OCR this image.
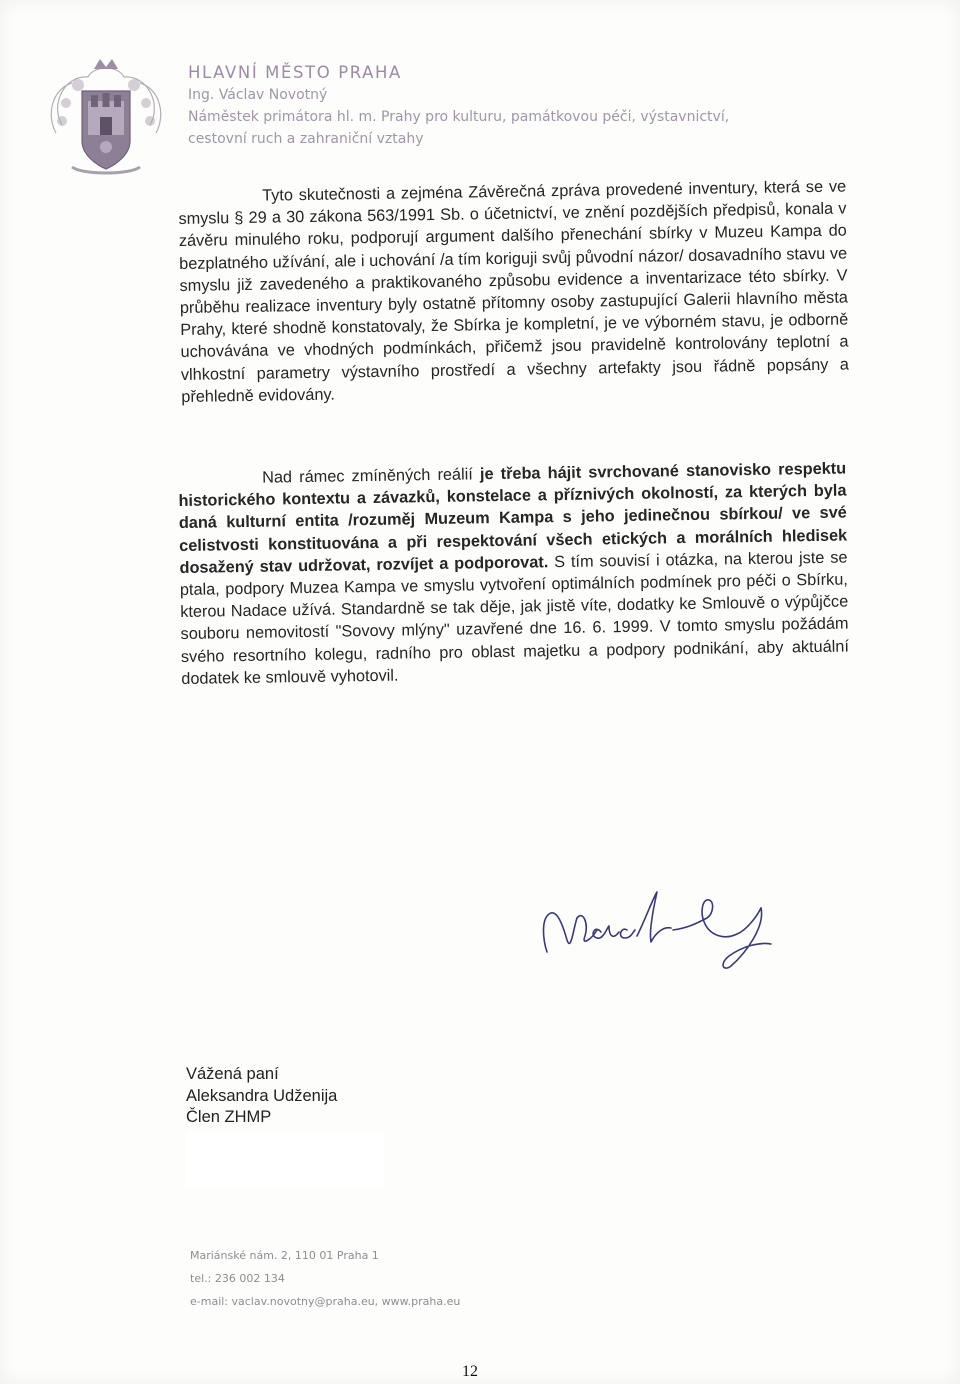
HLAVNÍ MĚSTO PRAHA
Ing. Václav Novotný
Náměstek primátora hl. m. Prahy pro kulturu, památkovou péči, výstavnictví,
cestovní ruch a zahraniční vztahy
Tyto skutečnosti a zejména Závěrečná zpráva provedené inventury, která se ve smyslu § 29 a 30 zákona 563/1991 Sb. o účetnictví, ve znění pozdějších předpisů, konala v závěru minulého roku, podporují argument dalšího přenechání sbírky v Muzeu Kampa do bezplatného užívání, ale i uchování /a tím koriguji svůj původní názor/ dosavadního stavu ve smyslu již zavedeného a praktikovaného způsobu evidence a inventarizace této sbírky. V průběhu realizace inventury byly ostatně přítomny osoby zastupující Galerii hlavního města Prahy, které shodně konstatovaly, že Sbírka je kompletní, je ve výborném stavu, je odborně uchovávána ve vhodných podmínkách, přičemž jsou pravidelně kontrolovány teplotní a vlhkostní parametry výstavního prostředí a všechny artefakty jsou řádně popsány a přehledně evidovány.
Nad rámec zmíněných reálií je třeba hájit svrchované stanovisko respektu historického kontextu a závazků, konstelace a příznivých okolností, za kterých byla daná kulturní entita /rozuměj Muzeum Kampa s jeho jedinečnou sbírkou/ ve své celistvosti konstituována a při respektování všech etických a morálních hledisek dosažený stav udržovat, rozvíjet a podporovat. S tím souvisí i otázka, na kterou jste se ptala, podpory Muzea Kampa ve smyslu vytvoření optimálních podmínek pro péči o Sbírku, kterou Nadace užívá. Standardně se tak děje, jak jistě víte, dodatky ke Smlouvě o výpůjčce souboru nemovitostí "Sovovy mlýny" uzavřené dne 16. 6. 1999. V tomto smyslu požádám svého resortního kolegu, radního pro oblast majetku a podpory podnikání, aby aktuální dodatek ke smlouvě vyhotovil.
Vážená paní
Aleksandra Udženija
Člen ZHMP
Mariánské nám. 2, 110 01 Praha 1
tel.: 236 002 134
e-mail: vaclav.novotny@praha.eu, www.praha.eu
12
